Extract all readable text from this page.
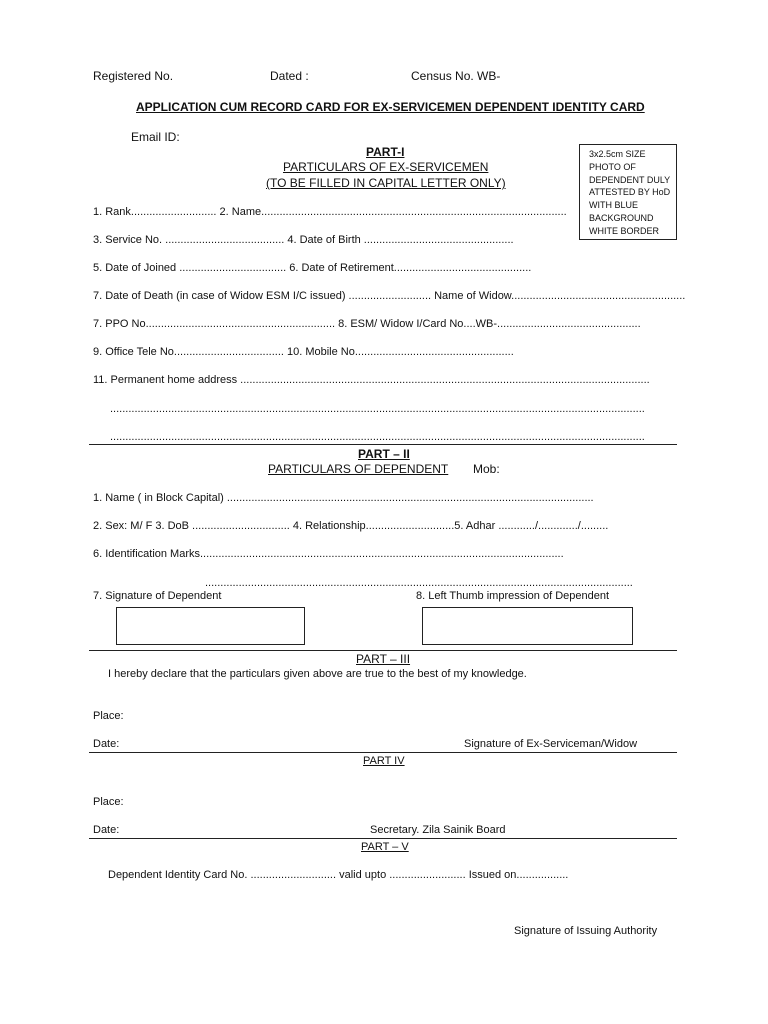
Registered No.	Dated :	Census No. WB-
APPLICATION CUM RECORD CARD FOR EX-SERVICEMEN DEPENDENT IDENTITY CARD
Email ID:
3x2.5cm SIZE
PHOTO OF
DEPENDENT DULY
ATTESTED BY HoD
WITH BLUE
BACKGROUND
WHITE BORDER
PART-I
PARTICULARS OF EX-SERVICEMEN
(TO BE FILLED IN CAPITAL LETTER ONLY)
1. Rank............................ 2. Name....................................................................................................
3. Service No. ....................................... 4. Date of Birth .................................................
5. Date of Joined ................................... 6. Date of Retirement.............................................
7. Date of Death (in case of Widow ESM I/C issued) ........................... Name of Widow.........................................................
7. PPO No.............................................................. 8. ESM/ Widow I/Card No....WB-...............................................
9. Office Tele No.................................... 10. Mobile No....................................................
11. Permanent home address ......................................................................................................................................
...............................................................................................................................................................................
...............................................................................................................................................................................
PART – II
PARTICULARS OF DEPENDENT Mob:
1. Name ( in Block Capital) ........................................................................................................................
2. Sex: M/ F 3. DoB ................................ 4. Relationship.............................5. Adhar ............/............./.........
6. Identification Marks.......................................................................................................................
............................................................................................................................................
7. Signature of Dependent	8. Left Thumb impression of Dependent
PART – III
I hereby declare that the particulars given above are true to the best of my knowledge.
Place:
Date:	Signature of Ex-Serviceman/Widow
PART IV
Place:
Date:	Secretary. Zila Sainik Board
PART – V
Dependent Identity Card No. ............................ valid upto ......................... Issued on.................
Signature of Issuing Authority
